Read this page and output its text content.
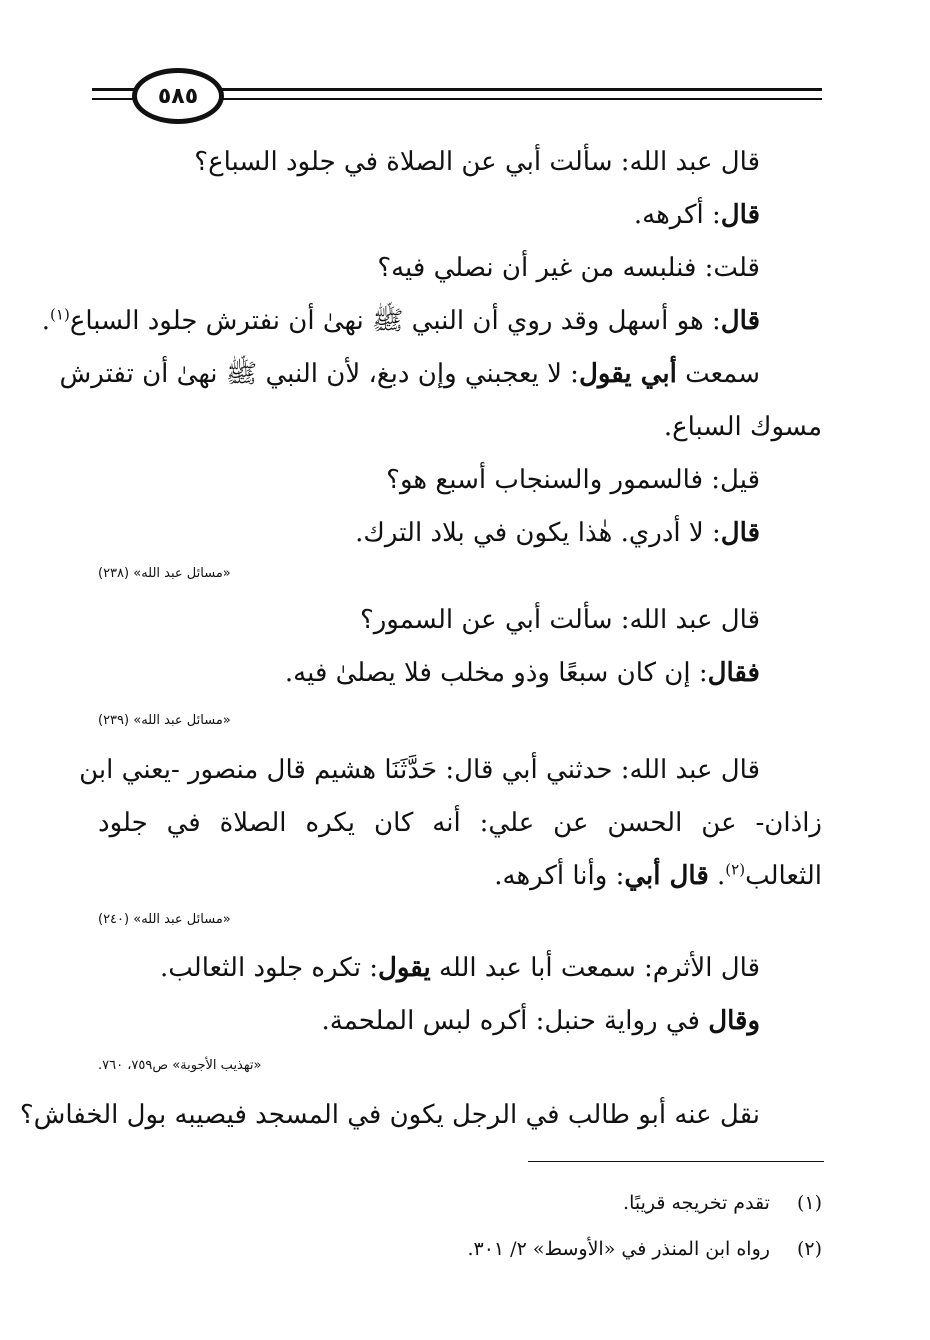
٥٨٥
قال عبد الله: سألت أبي عن الصلاة في جلود السباع؟
قال: أكرهه.
قلت: فنلبسه من غير أن نصلي فيه؟
قال: هو أسهل وقد روي أن النبي ﷺ نهىٰ أن نفترش جلود السباع$^{(١)}$.
سمعت أبي يقول: لا يعجبني وإن دبغ، لأن النبي ﷺ نهىٰ أن تفترش
مسوك السباع.
قيل: فالسمور والسنجاب أسبع هو؟
قال: لا أدري. هٰذا يكون في بلاد الترك.
«مسائل عبد الله» (٢٣٨)
قال عبد الله: سألت أبي عن السمور؟
فقال: إن كان سبعًا وذو مخلب فلا يصلىٰ فيه.
«مسائل عبد الله» (٢٣٩)
قال عبد الله: حدثني أبي قال: حَدَّثَنَا هشيم قال منصور -يعني ابن
زاذان- عن الحسن عن علي: أنه كان يكره الصلاة في جلود
الثعالب$^{(٢)}$. قال أبي: وأنا أكرهه.
«مسائل عبد الله» (٢٤٠)
قال الأثرم: سمعت أبا عبد الله يقول: تكره جلود الثعالب.
وقال في رواية حنبل: أكره لبس الملحمة.
«تهذيب الأجوبة» ص٧٥٩، ٧٦٠.
نقل عنه أبو طالب في الرجل يكون في المسجد فيصيبه بول الخفاش؟
(١) تقدم تخريجه قريبًا.
(٢) رواه ابن المنذر في «الأوسط» ٢/ ٣٠١.
